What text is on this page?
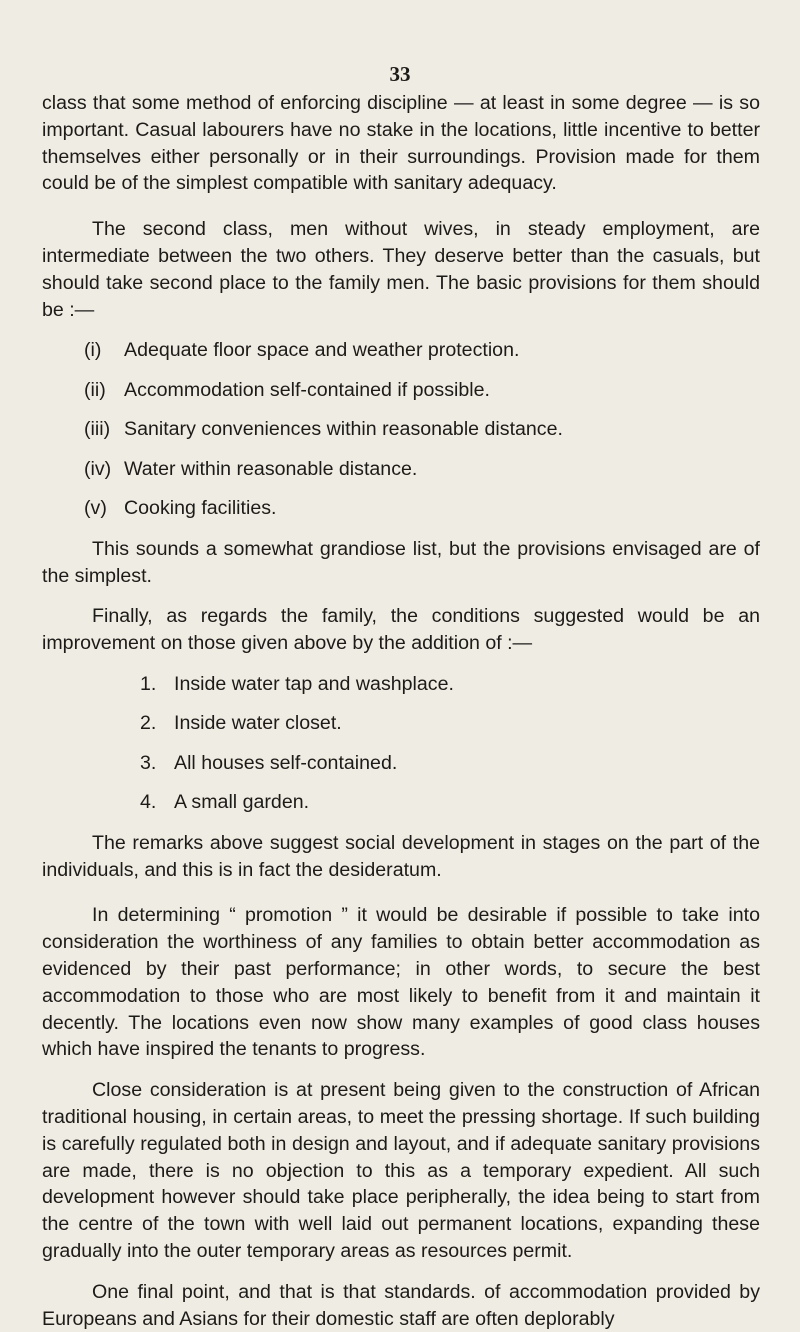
33

class that some method of enforcing discipline — at least in some degree — is so important. Casual labourers have no stake in the locations, little incentive to better themselves either personally or in their surroundings. Provision made for them could be of the simplest compatible with sanitary adequacy.

The second class, men without wives, in steady employment, are intermediate between the two others. They deserve better than the casuals, but should take second place to the family men. The basic provisions for them should be :—

(i)	Adequate floor space and weather protection.
(ii) Accommodation self-contained if possible.
(iii) Sanitary conveniences within reasonable distance.
(iv) Water within reasonable distance.
(v) Cooking facilities.

This sounds a somewhat grandiose list, but the provisions envisaged are of the simplest.

Finally, as regards the family, the conditions suggested would be an improvement on those given above by the addition of :—

1. Inside water tap and washplace.
2. Inside water closet.
3. All houses self-contained.
4. A small garden.

The remarks above suggest social development in stages on the part of the individuals, and this is in fact the desideratum.

In determining “ promotion ” it would be desirable if possible to take into consideration the worthiness of any families to obtain better accommodation as evidenced by their past performance; in other words, to secure the best accommodation to those who are most likely to benefit from it and maintain it decently. The locations even now show many examples of good class houses which have inspired the tenants to progress.

Close consideration is at present being given to the construction of African traditional housing, in certain areas, to meet the pressing shortage. If such building is carefully regulated both in design and layout, and if adequate sanitary provisions are made, there is no objection to this as a temporary expedient. All such development however should take place peripherally, the idea being to start from the centre of the town with well laid out permanent locations, expanding these gradually into the outer temporary areas as resources permit.

One final point, and that is that standards. of accommodation provided by Europeans and Asians for their domestic staff are often deplorably
